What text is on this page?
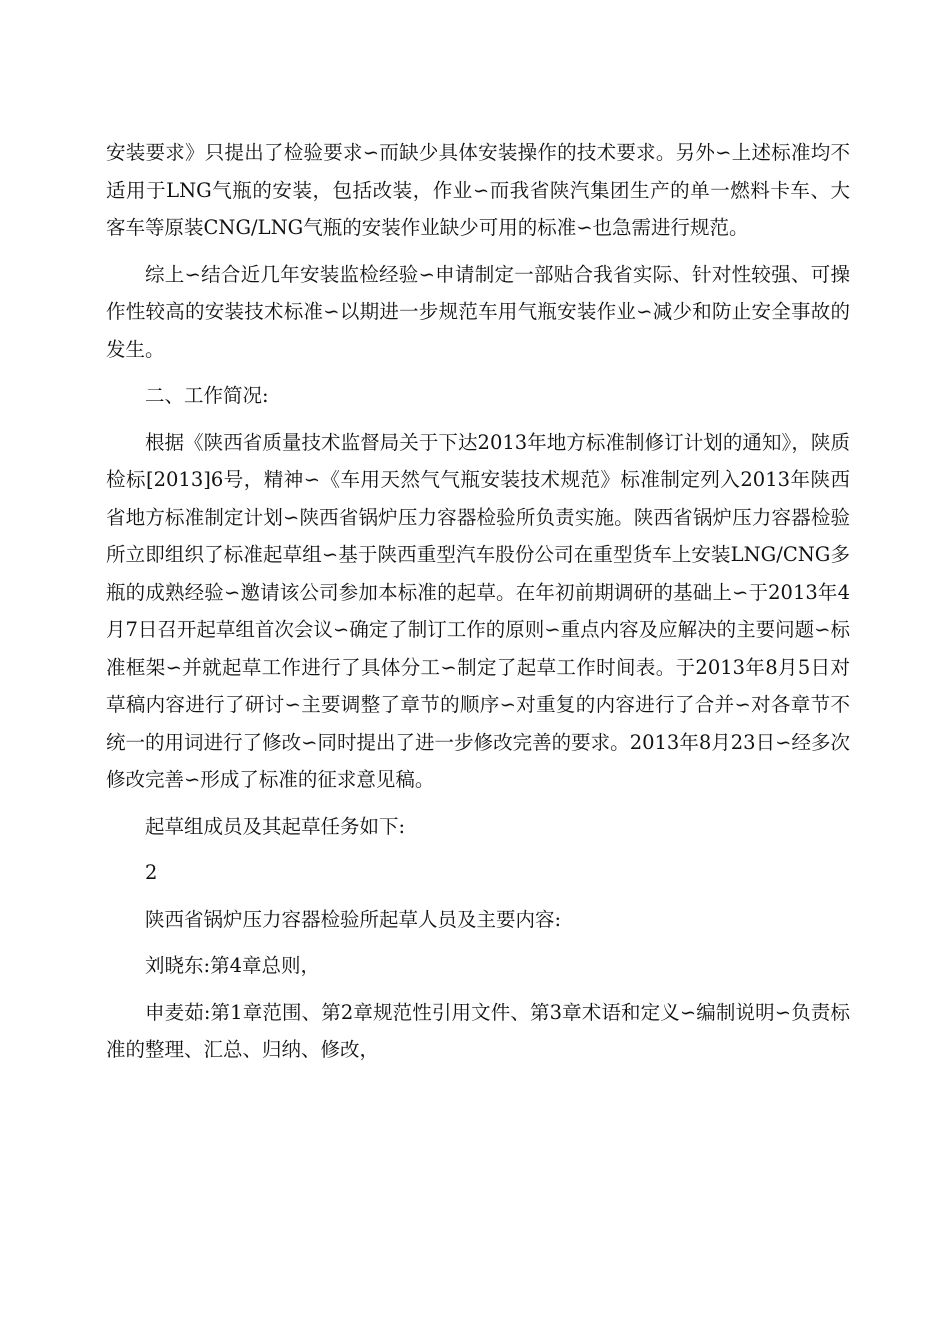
安装要求》只提出了检验要求∽而缺少具体安装操作的技术要求。另外∽上述标准均不适用于LNG气瓶的安装，包括改装，作业∽而我省陕汽集团生产的单一燃料卡车、大客车等原装CNG/LNG气瓶的安装作业缺少可用的标准∽也急需进行规范。

综上∽结合近几年安装监检经验∽申请制定一部贴合我省实际、针对性较强、可操作性较高的安装技术标准∽以期进一步规范车用气瓶安装作业∽减少和防止安全事故的发生。

二、工作简况:

根据《陕西省质量技术监督局关于下达2013年地方标准制修订计划的通知》，陕质检标[2013]6号，精神∽《车用天然气气瓶安装技术规范》标准制定列入2013年陕西省地方标准制定计划∽陕西省锅炉压力容器检验所负责实施。陕西省锅炉压力容器检验所立即组织了标准起草组∽基于陕西重型汽车股份公司在重型货车上安装LNG/CNG多瓶的成熟经验∽邀请该公司参加本标准的起草。在年初前期调研的基础上∽于2013年4月7日召开起草组首次会议∽确定了制订工作的原则∽重点内容及应解决的主要问题∽标准框架∽并就起草工作进行了具体分工∽制定了起草工作时间表。于2013年8月5日对草稿内容进行了研讨∽主要调整了章节的顺序∽对重复的内容进行了合并∽对各章节不统一的用词进行了修改∽同时提出了进一步修改完善的要求。2013年8月23日∽经多次修改完善∽形成了标准的征求意见稿。

起草组成员及其起草任务如下:

2

陕西省锅炉压力容器检验所起草人员及主要内容:

刘晓东:第4章总则，

申麦茹:第1章范围、第2章规范性引用文件、第3章术语和定义∽编制说明∽负责标准的整理、汇总、归纳、修改，
